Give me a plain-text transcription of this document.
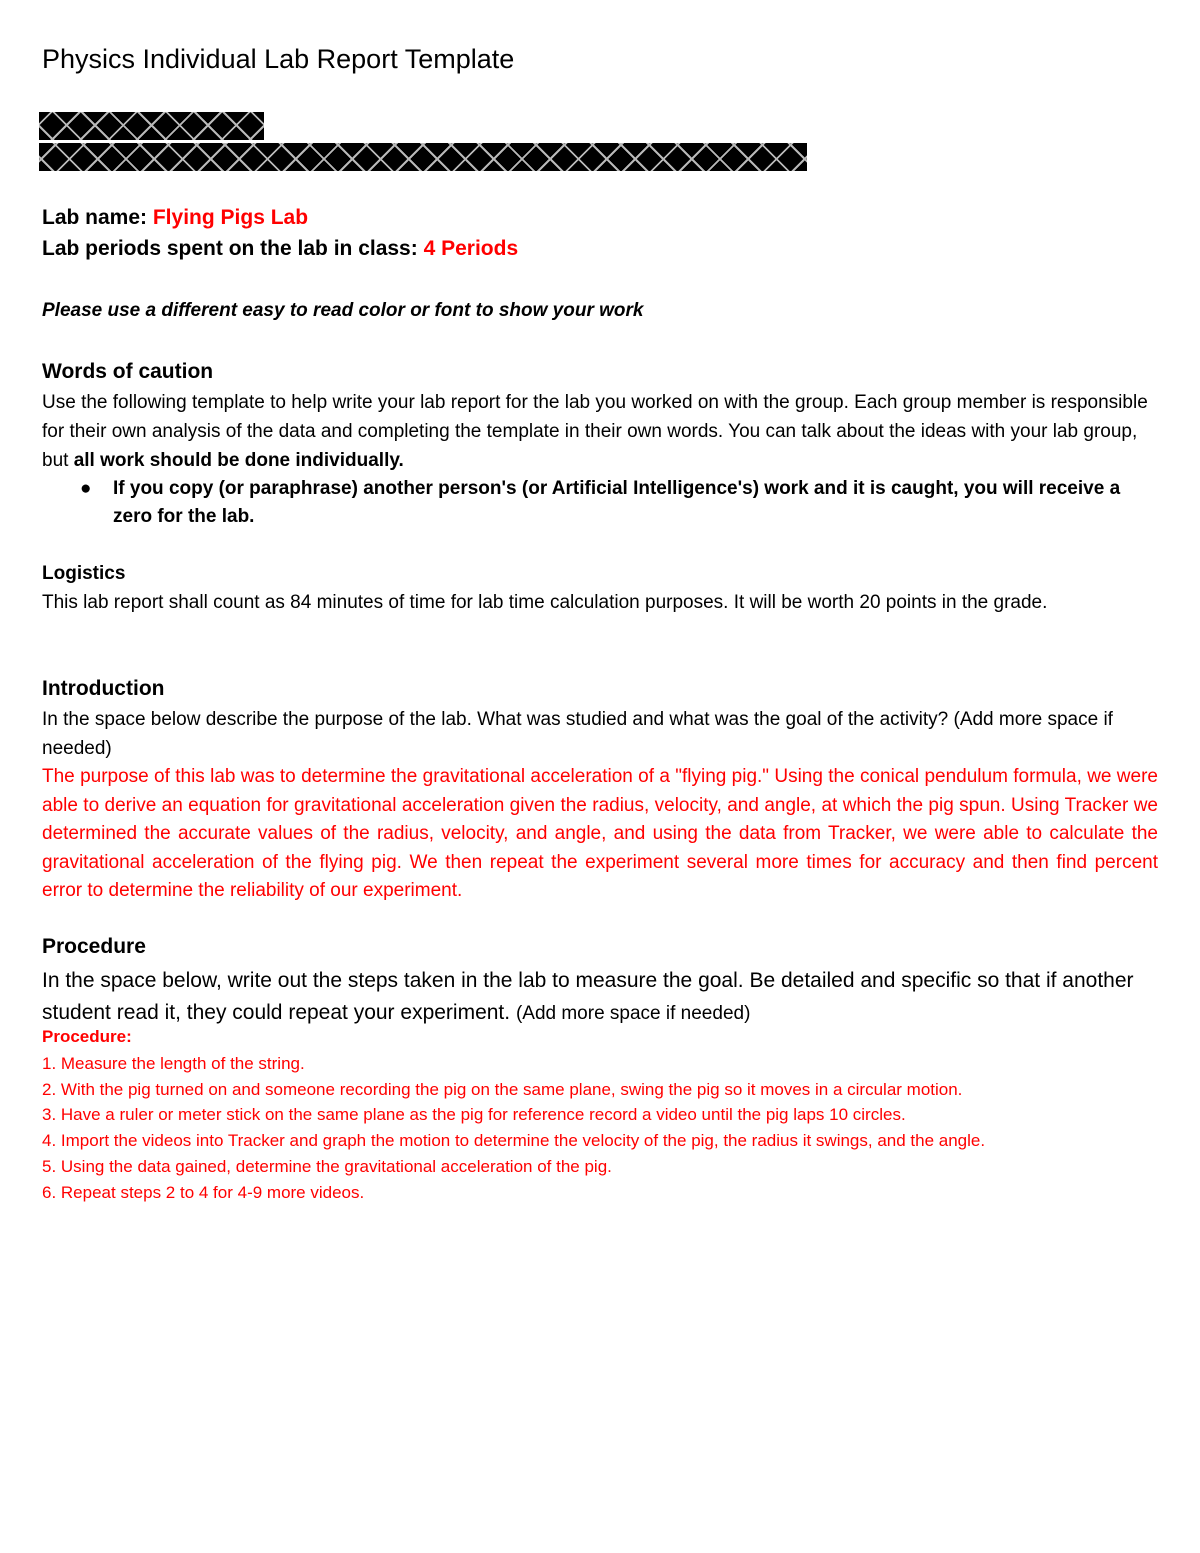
Physics Individual Lab Report Template
Lab name: Flying Pigs Lab
Lab periods spent on the lab in class: 4 Periods
Please use a different easy to read color or font to show your work
Words of caution
Use the following template to help write your lab report for the lab you worked on with the group. Each group member is responsible for their own analysis of the data and completing the template in their own words. You can talk about the ideas with your lab group, but all work should be done individually.
● If you copy (or paraphrase) another person's (or Artificial Intelligence's) work and it is caught, you will receive a zero for the lab.
Logistics
This lab report shall count as 84 minutes of time for lab time calculation purposes. It will be worth 20 points in the grade.
Introduction
In the space below describe the purpose of the lab. What was studied and what was the goal of the activity? (Add more space if needed)
The purpose of this lab was to determine the gravitational acceleration of a "flying pig." Using the conical pendulum formula, we were able to derive an equation for gravitational acceleration given the radius, velocity, and angle, at which the pig spun. Using Tracker we determined the accurate values of the radius, velocity, and angle, and using the data from Tracker, we were able to calculate the gravitational acceleration of the flying pig. We then repeat the experiment several more times for accuracy and then find percent error to determine the reliability of our experiment.
Procedure
In the space below, write out the steps taken in the lab to measure the goal. Be detailed and specific so that if another student read it, they could repeat your experiment. (Add more space if needed)
Procedure:
1. Measure the length of the string.
2. With the pig turned on and someone recording the pig on the same plane, swing the pig so it moves in a circular motion.
3. Have a ruler or meter stick on the same plane as the pig for reference record a video until the pig laps 10 circles.
4. Import the videos into Tracker and graph the motion to determine the velocity of the pig, the radius it swings, and the angle.
5. Using the data gained, determine the gravitational acceleration of the pig.
6. Repeat steps 2 to 4 for 4-9 more videos.
